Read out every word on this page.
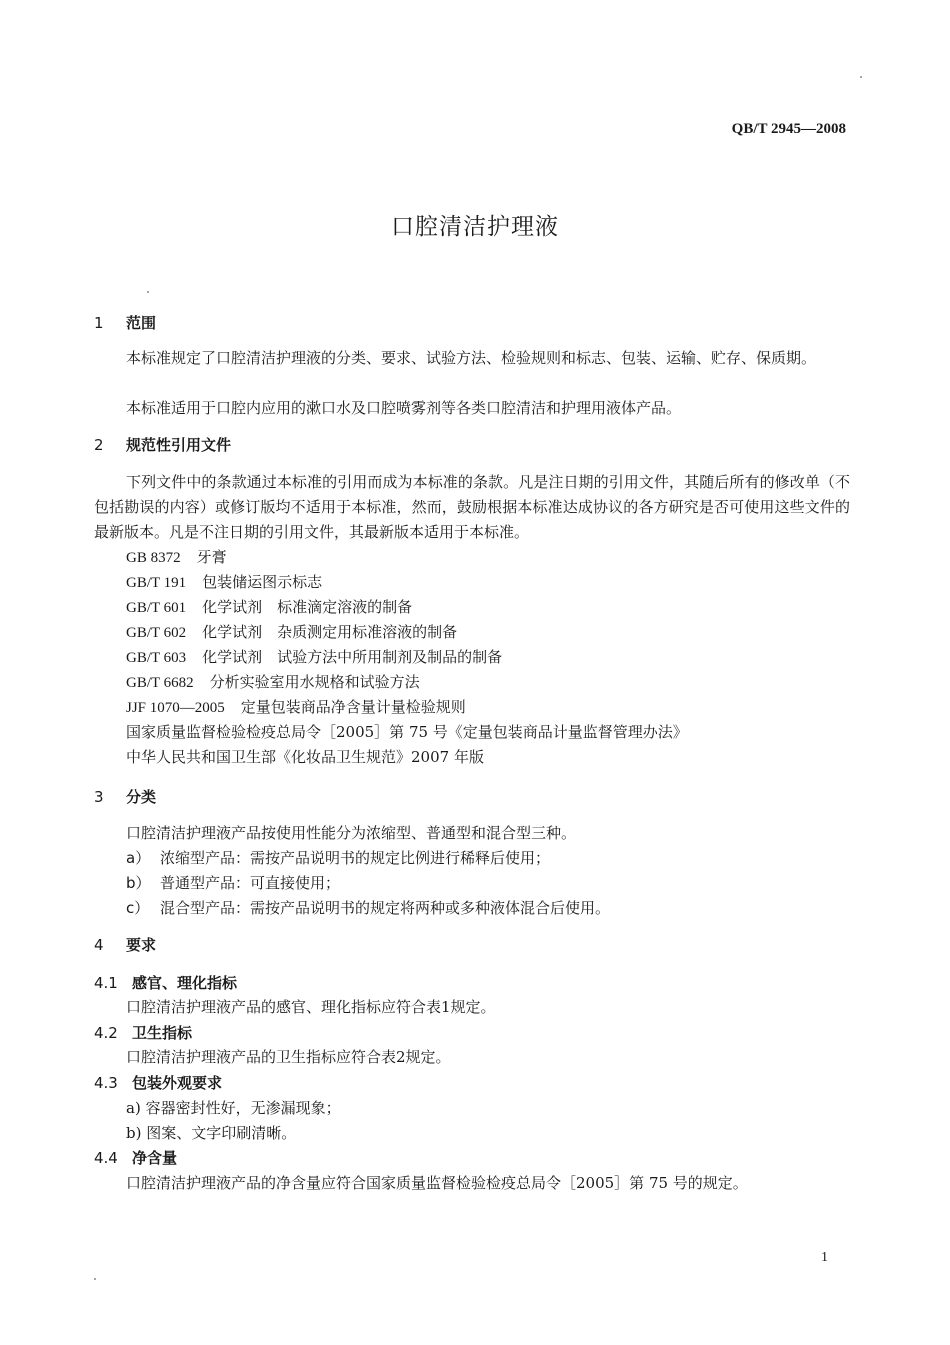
QB/T 2945—2008
口腔清洁护理液
1 范围
本标准规定了口腔清洁护理液的分类、要求、试验方法、检验规则和标志、包装、运输、贮存、保质期。
本标准适用于口腔内应用的漱口水及口腔喷雾剂等各类口腔清洁和护理用液体产品。
2 规范性引用文件
下列文件中的条款通过本标准的引用而成为本标准的条款。凡是注日期的引用文件，其随后所有的修改单（不包括勘误的内容）或修订版均不适用于本标准，然而，鼓励根据本标准达成协议的各方研究是否可使用这些文件的最新版本。凡是不注日期的引用文件，其最新版本适用于本标准。
GB 8372 牙膏
GB/T 191 包装储运图示标志
GB/T 601 化学试剂　标准滴定溶液的制备
GB/T 602 化学试剂　杂质测定用标准溶液的制备
GB/T 603 化学试剂　试验方法中所用制剂及制品的制备
GB/T 6682 分析实验室用水规格和试验方法
JJF 1070—2005 定量包装商品净含量计量检验规则
国家质量监督检验检疫总局令［2005］第 75 号《定量包装商品计量监督管理办法》
中华人民共和国卫生部《化妆品卫生规范》2007 年版
3 分类
口腔清洁护理液产品按使用性能分为浓缩型、普通型和混合型三种。
a） 浓缩型产品：需按产品说明书的规定比例进行稀释后使用；
b） 普通型产品：可直接使用；
c） 混合型产品：需按产品说明书的规定将两种或多种液体混合后使用。
4 要求
4.1 感官、理化指标
口腔清洁护理液产品的感官、理化指标应符合表1规定。
4.2 卫生指标
口腔清洁护理液产品的卫生指标应符合表2规定。
4.3 包装外观要求
a) 容器密封性好，无渗漏现象；
b) 图案、文字印刷清晰。
4.4 净含量
口腔清洁护理液产品的净含量应符合国家质量监督检验检疫总局令［2005］第 75 号的规定。
1
